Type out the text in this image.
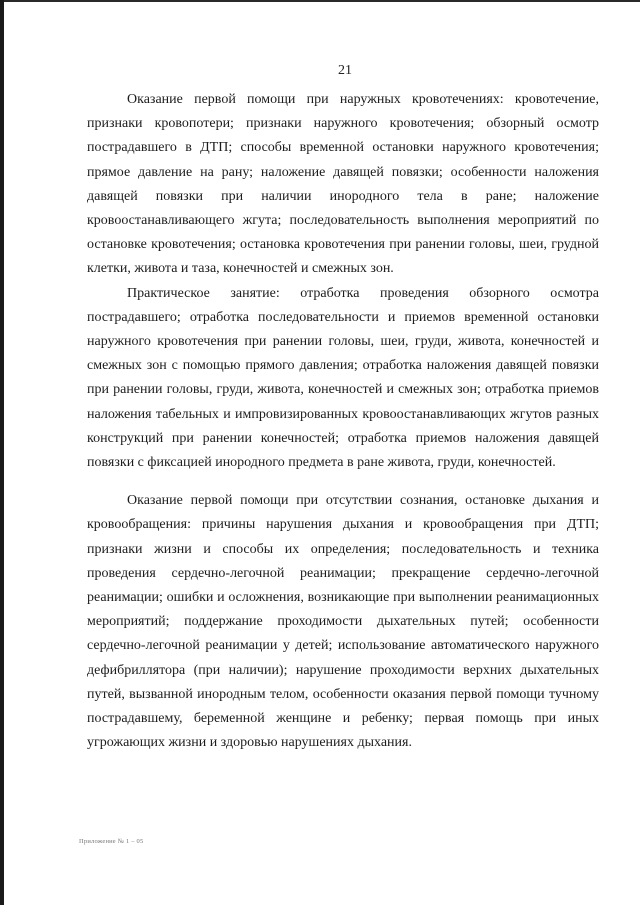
21

Оказание первой помощи при наружных кровотечениях: кровотечение, признаки кровопотери; признаки наружного кровотечения; обзорный осмотр пострадавшего в ДТП; способы временной остановки наружного кровотечения; прямое давление на рану; наложение давящей повязки; особенности наложения давящей повязки при наличии инородного тела в ране; наложение кровоостанавливающего жгута; последовательность выполнения мероприятий по остановке кровотечения; остановка кровотечения при ранении головы, шеи, грудной клетки, живота и таза, конечностей и смежных зон.

Практическое занятие: отработка проведения обзорного осмотра пострадавшего; отработка последовательности и приемов временной остановки наружного кровотечения при ранении головы, шеи, груди, живота, конечностей и смежных зон с помощью прямого давления; отработка наложения давящей повязки при ранении головы, груди, живота, конечностей и смежных зон; отработка приемов наложения табельных и импровизированных кровоостанавливающих жгутов разных конструкций при ранении конечностей; отработка приемов наложения давящей повязки с фиксацией инородного предмета в ране живота, груди, конечностей.

Оказание первой помощи при отсутствии сознания, остановке дыхания и кровообращения: причины нарушения дыхания и кровообращения при ДТП; признаки жизни и способы их определения; последовательность и техника проведения сердечно-легочной реанимации; прекращение сердечно-легочной реанимации; ошибки и осложнения, возникающие при выполнении реанимационных мероприятий; поддержание проходимости дыхательных путей; особенности сердечно-легочной реанимации у детей; использование автоматического наружного дефибриллятора (при наличии); нарушение проходимости верхних дыхательных путей, вызванной инородным телом, особенности оказания первой помощи тучному пострадавшему, беременной женщине и ребенку; первая помощь при иных угрожающих жизни и здоровью нарушениях дыхания.

Приложение № 1 – 05
